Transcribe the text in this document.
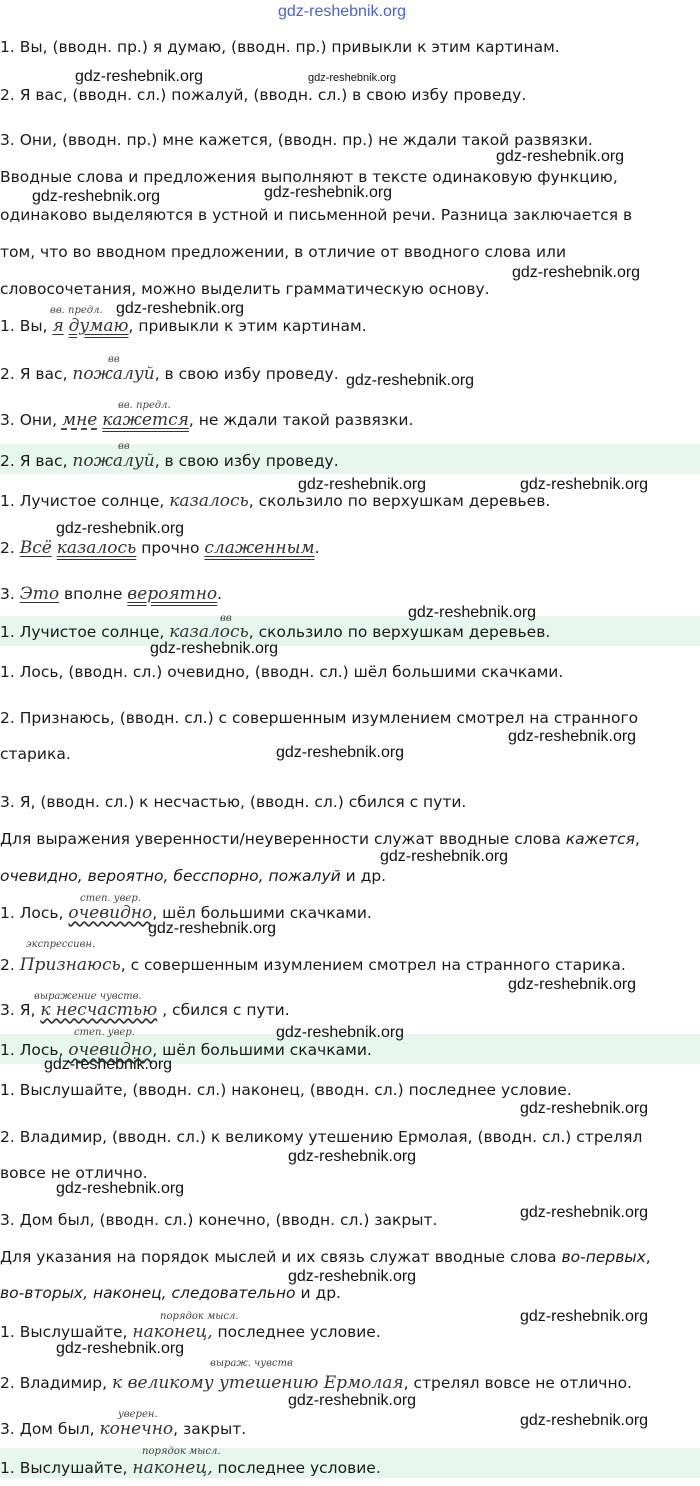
gdz-reshebnik.org
gdz-reshebnik.org	gdz-reshebnik.org
gdz-reshebnik.org
gdz-reshebnik.org	gdz-reshebnik.org
gdz-reshebnik.org
gdz-reshebnik.org
gdz-reshebnik.org
gdz-reshebnik.org	gdz-reshebnik.org
gdz-reshebnik.org
gdz-reshebnik.org
gdz-reshebnik.org
gdz-reshebnik.org
gdz-reshebnik.org
gdz-reshebnik.org
gdz-reshebnik.org
gdz-reshebnik.org
gdz-reshebnik.org
gdz-reshebnik.org
gdz-reshebnik.org
gdz-reshebnik.org
gdz-reshebnik.org
gdz-reshebnik.org
gdz-reshebnik.org
gdz-reshebnik.org
gdz-reshebnik.org
gdz-reshebnik.org
gdz-reshebnik.org
1. Вы, (вводн. пр.) я думаю, (вводн. пр.) привыкли к этим картинам.
2. Я вас, (вводн. сл.) пожалуй, (вводн. сл.) в свою избу проведу.
3. Они, (вводн. пр.) мне кажется, (вводн. пр.) не ждали такой развязки.
Вводные слова и предложения выполняют в тексте одинаковую функцию,
одинаково выделяются в устной и письменной речи. Разница заключается в
том, что во вводном предложении, в отличие от вводного слова или
словосочетания, можно выделить грамматическую основу.
вв. предл.
1. Вы, я думаю, привыкли к этим картинам.
вв
2. Я вас, пожалуй, в свою избу проведу.
вв. предл.
3. Они, мне кажется, не ждали такой развязки.
вв
2. Я вас, пожалуй, в свою избу проведу.
1. Лучистое солнце, казалось, скользило по верхушкам деревьев.
2. Всё казалось прочно слаженным.
3. Это вполне вероятно.
вв
1. Лучистое солнце, казалось, скользило по верхушкам деревьев.
1. Лось, (вводн. сл.) очевидно, (вводн. сл.) шёл большими скачками.
2. Признаюсь, (вводн. сл.) с совершенным изумлением смотрел на странного
старика.
3. Я, (вводн. сл.) к несчастью, (вводн. сл.) сбился с пути.
Для выражения уверенности/неуверенности служат вводные слова кажется,
очевидно, вероятно, бесспорно, пожалуй и др.
степ. увер.
1. Лось, очевидно, шёл большими скачками.
экспрессивн.
2. Признаюсь, с совершенным изумлением смотрел на странного старика.
выражение чувств.
3. Я, к несчастью , сбился с пути.
степ. увер.
1. Лось, очевидно, шёл большими скачками.
1. Выслушайте, (вводн. сл.) наконец, (вводн. сл.) последнее условие.
2. Владимир, (вводн. сл.) к великому утешению Ермолая, (вводн. сл.) стрелял
вовсе не отлично.
3. Дом был, (вводн. сл.) конечно, (вводн. сл.) закрыт.
Для указания на порядок мыслей и их связь служат вводные слова во-первых,
во-вторых, наконец, следовательно и др.
порядок мысл.
1. Выслушайте, наконец, последнее условие.
выраж. чувств
2. Владимир, к великому утешению Ермолая, стрелял вовсе не отлично.
уверен.
3. Дом был, конечно, закрыт.
порядок мысл.
1. Выслушайте, наконец, последнее условие.
